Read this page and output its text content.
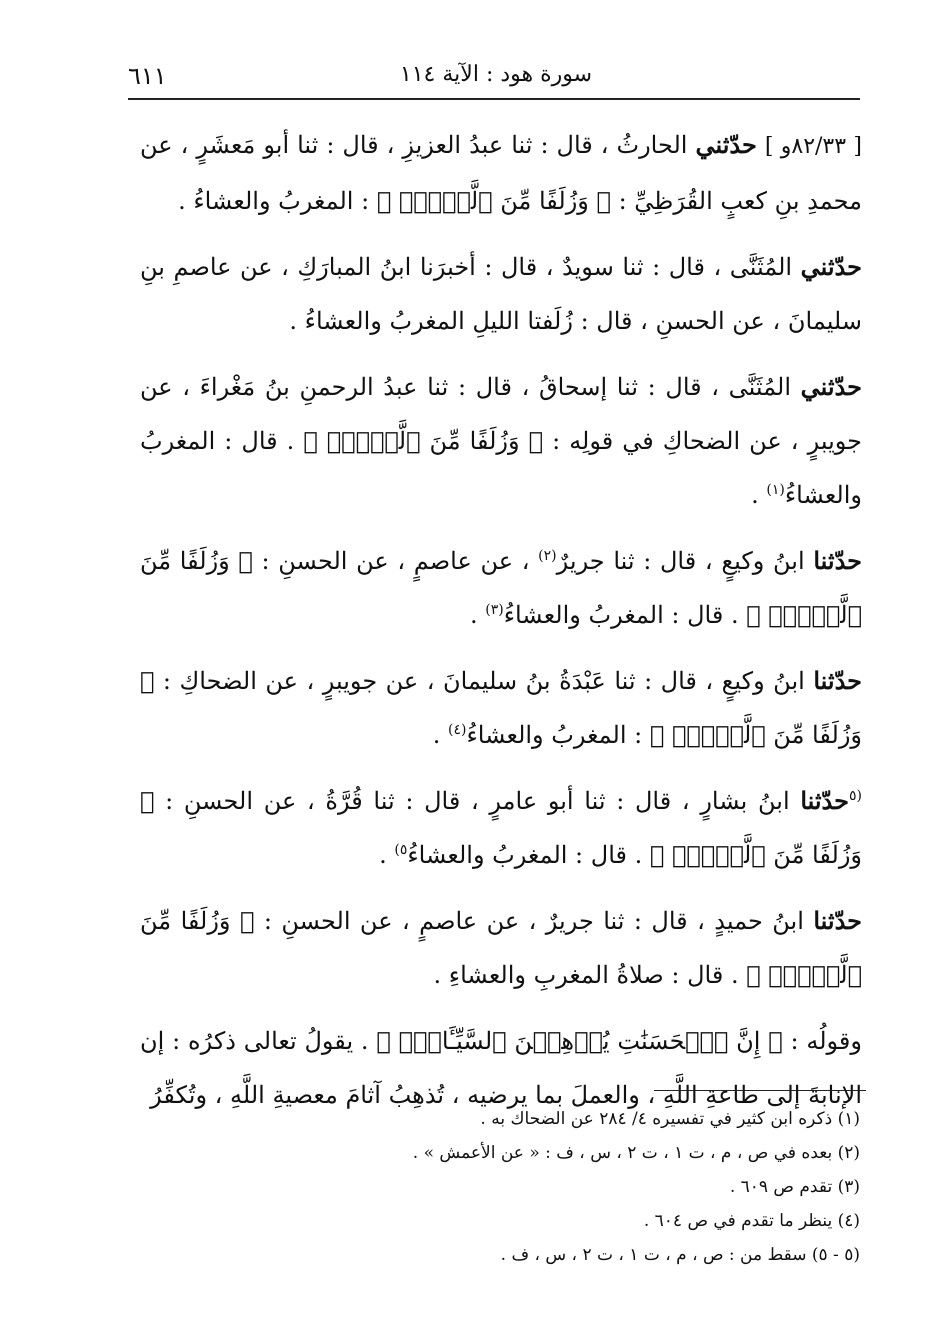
٦١١	سورة هود : الآية ١١٤

[ ٨٢/٣٣و ] حدّثني الحارثُ ، قال : ثنا عبدُ العزيزِ ، قال : ثنا أبو مَعشَرٍ ، عن محمدِ بنِ كعبٍ القُرَظِيِّ : ﴿ وَزُلَفًا مِّنَ ٱلَّيۡلِۚ ﴾ : المغربُ والعشاءُ .

حدّثني المُثَنَّى ، قال : ثنا سويدٌ ، قال : أخبرَنا ابنُ المبارَكِ ، عن عاصمِ بنِ سليمانَ ، عن الحسنِ ، قال : زُلَفتا الليلِ المغربُ والعشاءُ .

حدّثني المُثَنَّى ، قال : ثنا إسحاقُ ، قال : ثنا عبدُ الرحمنِ بنُ مَغْراءَ ، عن جويبرٍ ، عن الضحاكِ في قولِه : ﴿ وَزُلَفًا مِّنَ ٱلَّيۡلِۚ ﴾ . قال : المغربُ والعشاءُ$^{(١)}$ .

حدّثنا ابنُ وكيعٍ ، قال : ثنا جريرٌ$^{(٢)}$ ، عن عاصمٍ ، عن الحسنِ : ﴿ وَزُلَفًا مِّنَ ٱلَّيۡلِۚ ﴾ . قال : المغربُ والعشاءُ$^{(٣)}$ .

حدّثنا ابنُ وكيعٍ ، قال : ثنا عَبْدَةُ بنُ سليمانَ ، عن جويبرٍ ، عن الضحاكِ : ﴿ وَزُلَفًا مِّنَ ٱلَّيۡلِۚ ﴾ : المغربُ والعشاءُ$^{(٤)}$ .

$^{(٥}$حدّثنا ابنُ بشارٍ ، قال : ثنا أبو عامرٍ ، قال : ثنا قُرَّةُ ، عن الحسنِ : ﴿ وَزُلَفًا مِّنَ ٱلَّيۡلِۚ ﴾ . قال : المغربُ والعشاءُ$^{٥)}$ .

حدّثنا ابنُ حميدٍ ، قال : ثنا جريرٌ ، عن عاصمٍ ، عن الحسنِ : ﴿ وَزُلَفًا مِّنَ ٱلَّيۡلِۚ ﴾ . قال : صلاةُ المغربِ والعشاءِ .

وقولُه : ﴿ إِنَّ ٱلۡحَسَنَٰتِ يُذۡهِبۡنَ ٱلسَّيِّـَٔاتِۚ ﴾ . يقولُ تعالى ذكرُه : إن الإنابةَ إلى طاعةِ اللَّهِ ، والعملَ بما يرضيه ، تُذهِبُ آثامَ معصيةِ اللَّهِ ، وتُكفِّرُ

(١) ذكره ابن كثير في تفسيره ٤/ ٢٨٤ عن الضحاك به .
(٢) بعده في ص ، م ، ت ١ ، ت ٢ ، س ، ف : « عن الأعمش » .
(٣) تقدم ص ٦٠٩ .
(٤) ينظر ما تقدم في ص ٦٠٤ .
(٥ - ٥) سقط من : ص ، م ، ت ١ ، ت ٢ ، س ، ف .
